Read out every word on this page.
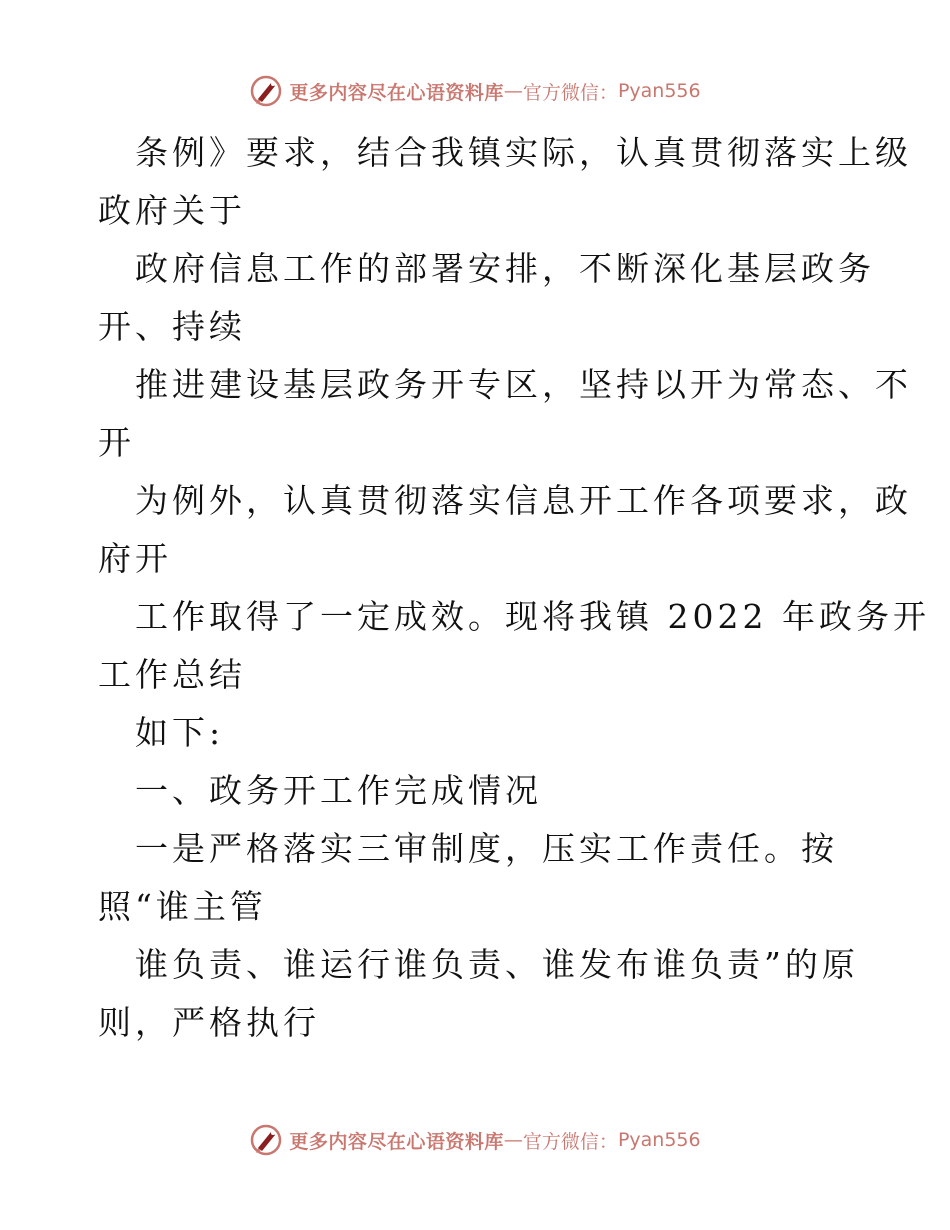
更多内容尽在心语资料库 — 官方微信： Pyan556
条例》要求，结合我镇实际，认真贯彻落实上级
政府关于
政府信息工作的部署安排，不断深化基层政务
开、持续
推进建设基层政务开专区，坚持以开为常态、不
开
为例外，认真贯彻落实信息开工作各项要求，政
府开
工作取得了一定成效。现将我镇 2022 年政务开
工作总结
如下:
一、政务开工作完成情况
一是严格落实三审制度，压实工作责任。按
照“谁主管
谁负责、谁运行谁负责、谁发布谁负责”的原
则，严格执行
更多内容尽在心语资料库 — 官方微信： Pyan556
